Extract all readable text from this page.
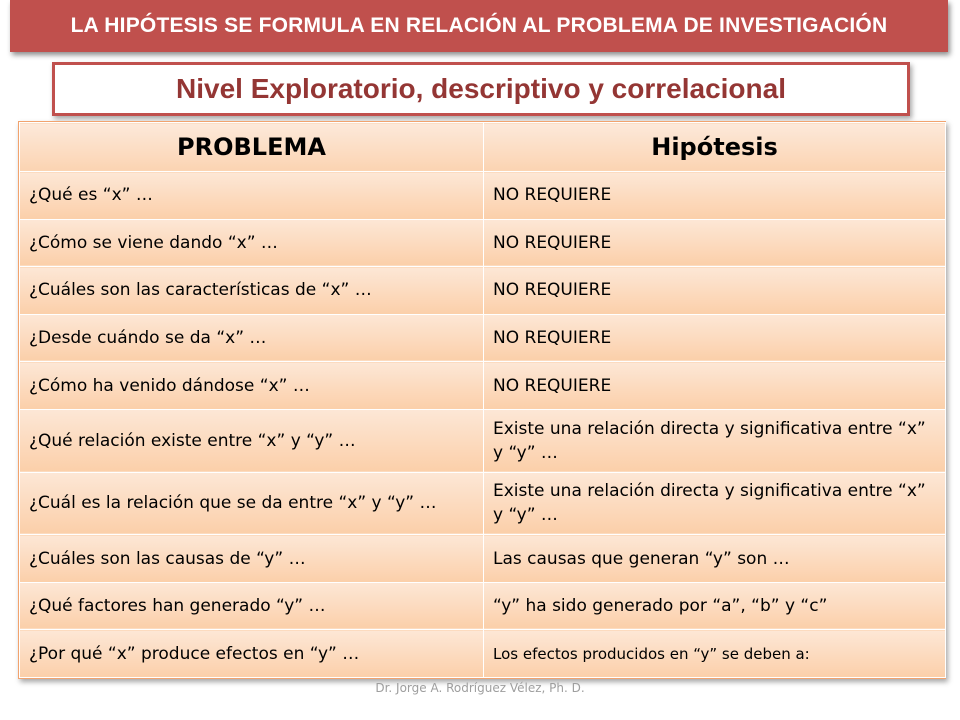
LA HIPÓTESIS SE FORMULA EN RELACIÓN AL PROBLEMA DE INVESTIGACIÓN
Nivel Exploratorio, descriptivo y correlacional
PROBLEMA	Hipótesis
¿Qué es “x” …	NO REQUIERE
¿Cómo se viene dando “x” …	NO REQUIERE
¿Cuáles son las características de “x” …	NO REQUIERE
¿Desde cuándo se da “x” …	NO REQUIERE
¿Cómo ha venido dándose “x” …	NO REQUIERE
¿Qué relación existe entre “x” y “y” …	Existe una relación directa y significativa entre “x” y “y” …
¿Cuál es la relación que se da entre “x” y “y” …	Existe una relación directa y significativa entre “x” y “y” …
¿Cuáles son las causas de “y” …	Las causas que generan “y” son …
¿Qué factores han generado “y” …	“y” ha sido generado por “a”, “b” y “c”
¿Por qué “x” produce efectos en “y” …	Los efectos producidos en “y” se deben a:
Dr. Jorge A. Rodríguez Vélez, Ph. D.
